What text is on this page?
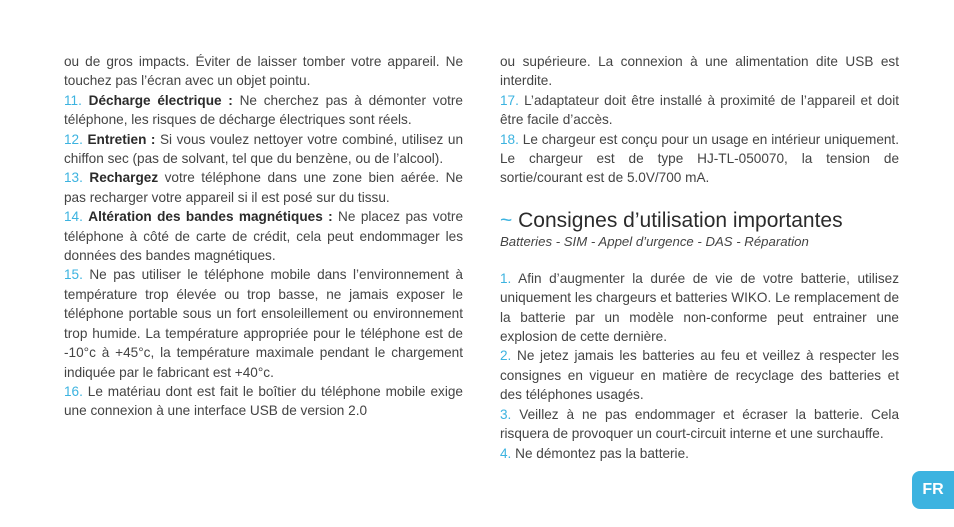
ou de gros impacts. Éviter de laisser tomber votre appareil. Ne touchez pas l’écran avec un objet pointu.

11. Décharge électrique : Ne cherchez pas à démonter votre téléphone, les risques de décharge électriques sont réels.

12. Entretien : Si vous voulez nettoyer votre combiné, utilisez un chiffon sec (pas de solvant, tel que du benzène, ou de l’alcool).

13. Rechargez votre téléphone dans une zone bien aérée. Ne pas recharger votre appareil si il est posé sur du tissu.

14. Altération des bandes magnétiques : Ne placez pas votre téléphone à côté de carte de crédit, cela peut endommager les données des bandes magnétiques.

15. Ne pas utiliser le téléphone mobile dans l’environnement à température trop élevée ou trop basse, ne jamais exposer le téléphone portable sous un fort ensoleillement ou environnement trop humide. La température appropriée pour le téléphone est de -10°c à +45°c, la température maximale pendant le chargement indiquée par le fabricant est +40°c.

16. Le matériau dont est fait le boîtier du téléphone mobile exige une connexion à une interface USB de version 2.0

ou supérieure. La connexion à une alimentation dite USB est interdite.

17. L’adaptateur doit être installé à proximité de l’appareil et doit être facile d’accès.

18. Le chargeur est conçu pour un usage en intérieur uniquement. Le chargeur est de type HJ-TL-050070, la tension de sortie/courant est de 5.0V/700 mA.

~ Consignes d’utilisation importantes
Batteries - SIM - Appel d’urgence - DAS - Réparation

1. Afin d’augmenter la durée de vie de votre batterie, utilisez uniquement les chargeurs et batteries WIKO. Le remplacement de la batterie par un modèle non-conforme peut entrainer une explosion de cette dernière.

2. Ne jetez jamais les batteries au feu et veillez à respecter les consignes en vigueur en matière de recyclage des batteries et des téléphones usagés.

3. Veillez à ne pas endommager et écraser la batterie. Cela risquera de provoquer un court-circuit interne et une surchauffe.

4. Ne démontez pas la batterie.

FR
